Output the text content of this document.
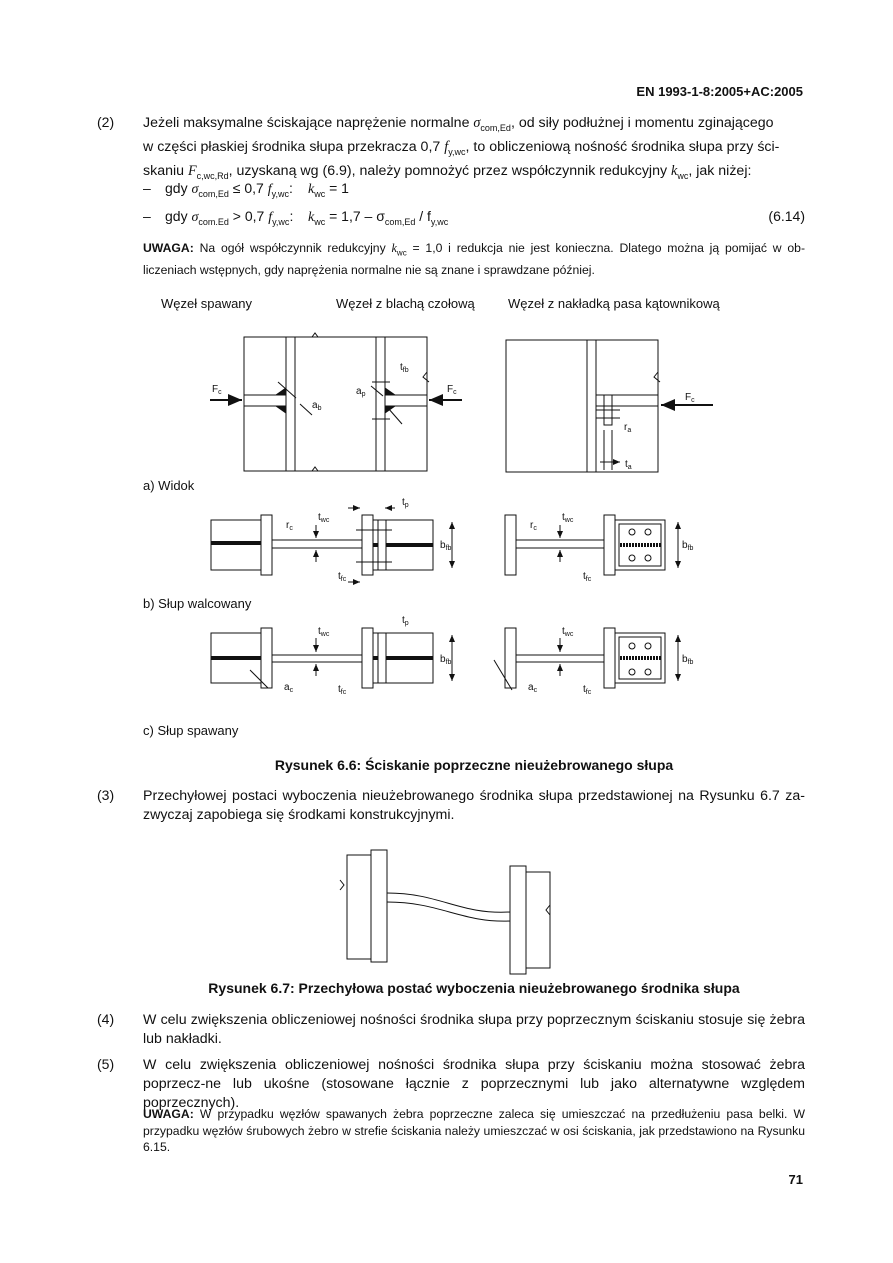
EN 1993-1-8:2005+AC:2005
(2) Jeżeli maksymalne ściskające naprężenie normalne $\sigma_{com,Ed}$, od siły podłużnej i momentu zginającego
w części płaskiej środnika słupa przekracza 0,7 $f_{y,wc}$, to obliczeniową nośność środnika słupa przy ści-
skaniu $F_{c,wc,Rd}$, uzyskaną wg (6.9), należy pomnożyć przez współczynnik redukcyjny $k_{wc}$, jak niżej:
– gdy $\sigma_{com,Ed} \le 0,7$ $f_{y,wc}$: $k_{wc} = 1$
– gdy $\sigma_{com.Ed} > 0,7$ $f_{y,wc}$: $k_{wc} = 1,7 - \sigma_{com,Ed} / f_{y,wc}$	(6.14)
UWAGA: Na ogół współczynnik redukcyjny $k_{wc} = 1,0$ i redukcja nie jest konieczna. Dlatego można ją pomijać w ob-liczeniach wstępnych, gdy naprężenia normalne nie są znane i sprawdzane później.
Węzeł spawany	Węzeł z blachą czołową	Węzeł z nakładką pasa kątownikową
$F_c$	$F_c$
$a_b$
$a_p$
$t_{fb}$
$F_c$
$r_a$
$t_a$
$r_c$
$t_{wc}$
$t_p$
$b_{fb}$
$t_{fc}$
$r_c$
$t_{wc}$
$b_{fb}$
$t_{fc}$
$t_{wc}$
$t_p$
$b_{fb}$
$a_c$	$t_{fc}$
$t_{wc}$
$b_{fb}$
$a_c$	$t_{fc}$
a) Widok
b) Słup walcowany
c) Słup spawany
Rysunek 6.6: Ściskanie poprzeczne nieużebrowanego słupa
(3) Przechyłowej postaci wyboczenia nieużebrowanego środnika słupa przedstawionej na Rysunku 6.7 za-zwyczaj zapobiega się środkami konstrukcyjnymi.
Rysunek 6.7: Przechyłowa postać wyboczenia nieużebrowanego środnika słupa
(4) W celu zwiększenia obliczeniowej nośności środnika słupa przy poprzecznym ściskaniu stosuje się żebra lub nakładki.
(5) W celu zwiększenia obliczeniowej nośności środnika słupa przy ściskaniu można stosować żebra poprzecz-ne lub ukośne (stosowane łącznie z poprzecznymi lub jako alternatywne względem poprzecznych).
UWAGA: W przypadku węzłów spawanych żebra poprzeczne zaleca się umieszczać na przedłużeniu pasa belki. W przypadku węzłów śrubowych żebro w strefie ściskania należy umieszczać w osi ściskania, jak przedstawiono na Rysunku 6.15.
71
